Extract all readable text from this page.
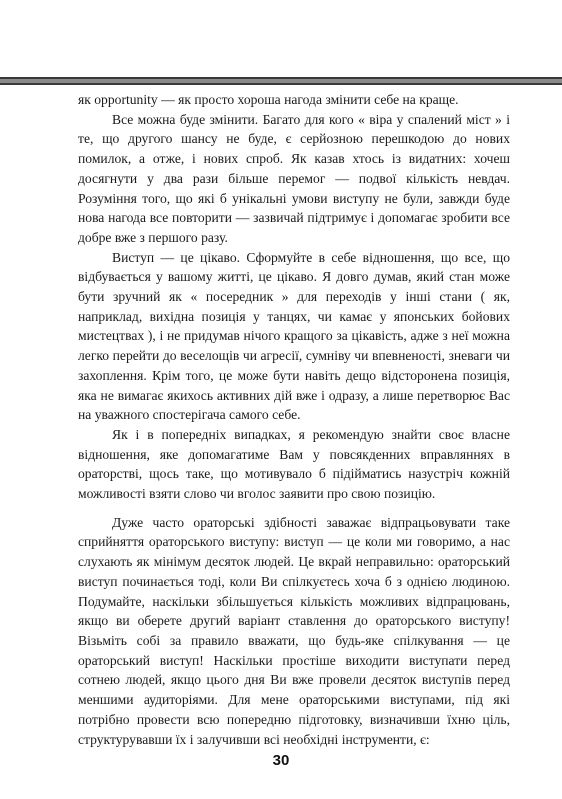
як opportunity — як просто хороша нагода змінити себе на краще.

Все можна буде змінити. Багато для кого « віра у спалений міст » і те, що другого шансу не буде, є серйозною перешкодою до нових помилок, а отже, і нових спроб. Як казав хтось із видатних: хочеш досягнути у два рази більше перемог — подвої кількість невдач. Розуміння того, що які б унікальні умови виступу не були, завжди буде нова нагода все повторити — зазвичай підтримує і допомагає зробити все добре вже з першого разу.

Виступ — це цікаво. Сформуйте в себе відношення, що все, що відбувається у вашому житті, це цікаво. Я довго думав, який стан може бути зручний як « посередник » для переходів у інші стани ( як, наприклад, вихідна позиція у танцях, чи камає у японських бойових мистецтвах ), і не придумав нічого кращого за цікавість, адже з неї можна легко перейти до веселощів чи агресії, сумніву чи впевненості, зневаги чи захоплення. Крім того, це може бути навіть дещо відсторонена позиція, яка не вимагає якихось активних дій вже і одразу, а лише перетворює Вас на уважного спостерігача самого себе.

Як і в попередніх випадках, я рекомендую знайти своє власне відношення, яке допомагатиме Вам у повсякденних вправляннях в ораторстві, щось таке, що мотивувало б підійматись назустріч кожній можливості взяти слово чи вголос заявити про свою позицію.

Дуже часто ораторські здібності заважає відпрацьовувати таке сприйняття ораторського виступу: виступ — це коли ми говоримо, а нас слухають як мінімум десяток людей. Це вкрай неправильно: ораторський виступ починається тоді, коли Ви спілкуєтесь хоча б з однією людиною. Подумайте, наскільки збільшується кількість можливих відпрацювань, якщо ви оберете другий варіант ставлення до ораторського виступу! Візьміть собі за правило вважати, що будь-яке спілкування — це ораторський виступ! Наскільки простіше виходити виступати перед сотнею людей, якщо цього дня Ви вже провели десяток виступів перед меншими аудиторіями. Для мене ораторськими виступами, під які потрібно провести всю попередню підготовку, визначивши їхню ціль, структурувавши їх і залучивши всі необхідні інструменти, є:

30
